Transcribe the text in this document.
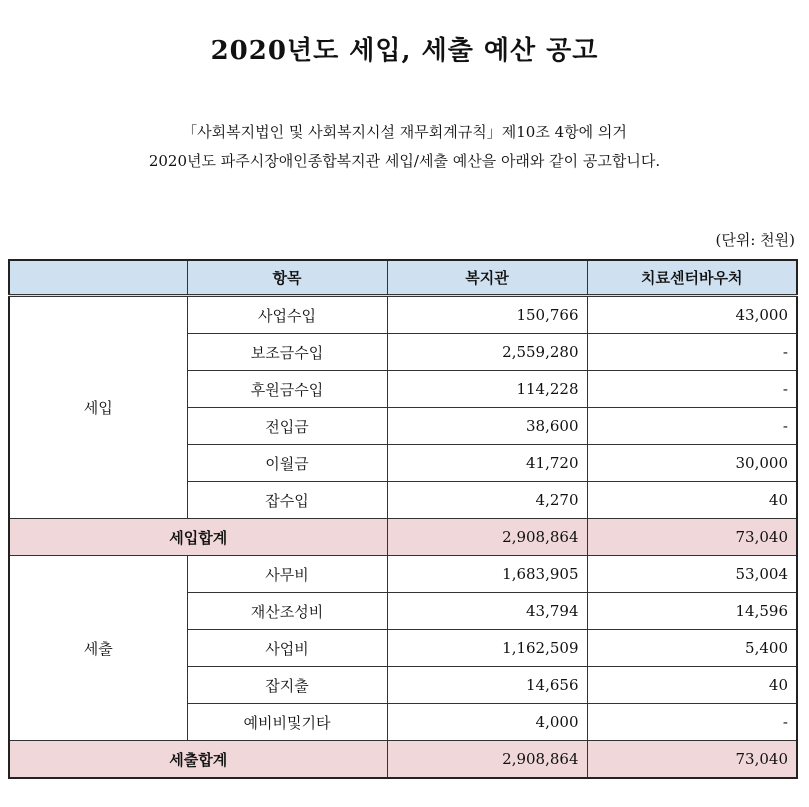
2020년도 세입, 세출 예산 공고
「사회복지법인 및 사회복지시설 재무회계규칙」제10조 4항에 의거
2020년도 파주시장애인종합복지관 세입/세출 예산을 아래와 같이 공고합니다.
(단위: 천원)
	항목	복지관	치료센터바우처
세입	사업수입	150,766	43,000
	보조금수입	2,559,280	-
	후원금수입	114,228	-
	전입금	38,600	-
	이월금	41,720	30,000
	잡수입	4,270	40
세입합계		2,908,864	73,040
세출	사무비	1,683,905	53,004
	재산조성비	43,794	14,596
	사업비	1,162,509	5,400
	잡지출	14,656	40
	예비비및기타	4,000	-
세출합계		2,908,864	73,040
